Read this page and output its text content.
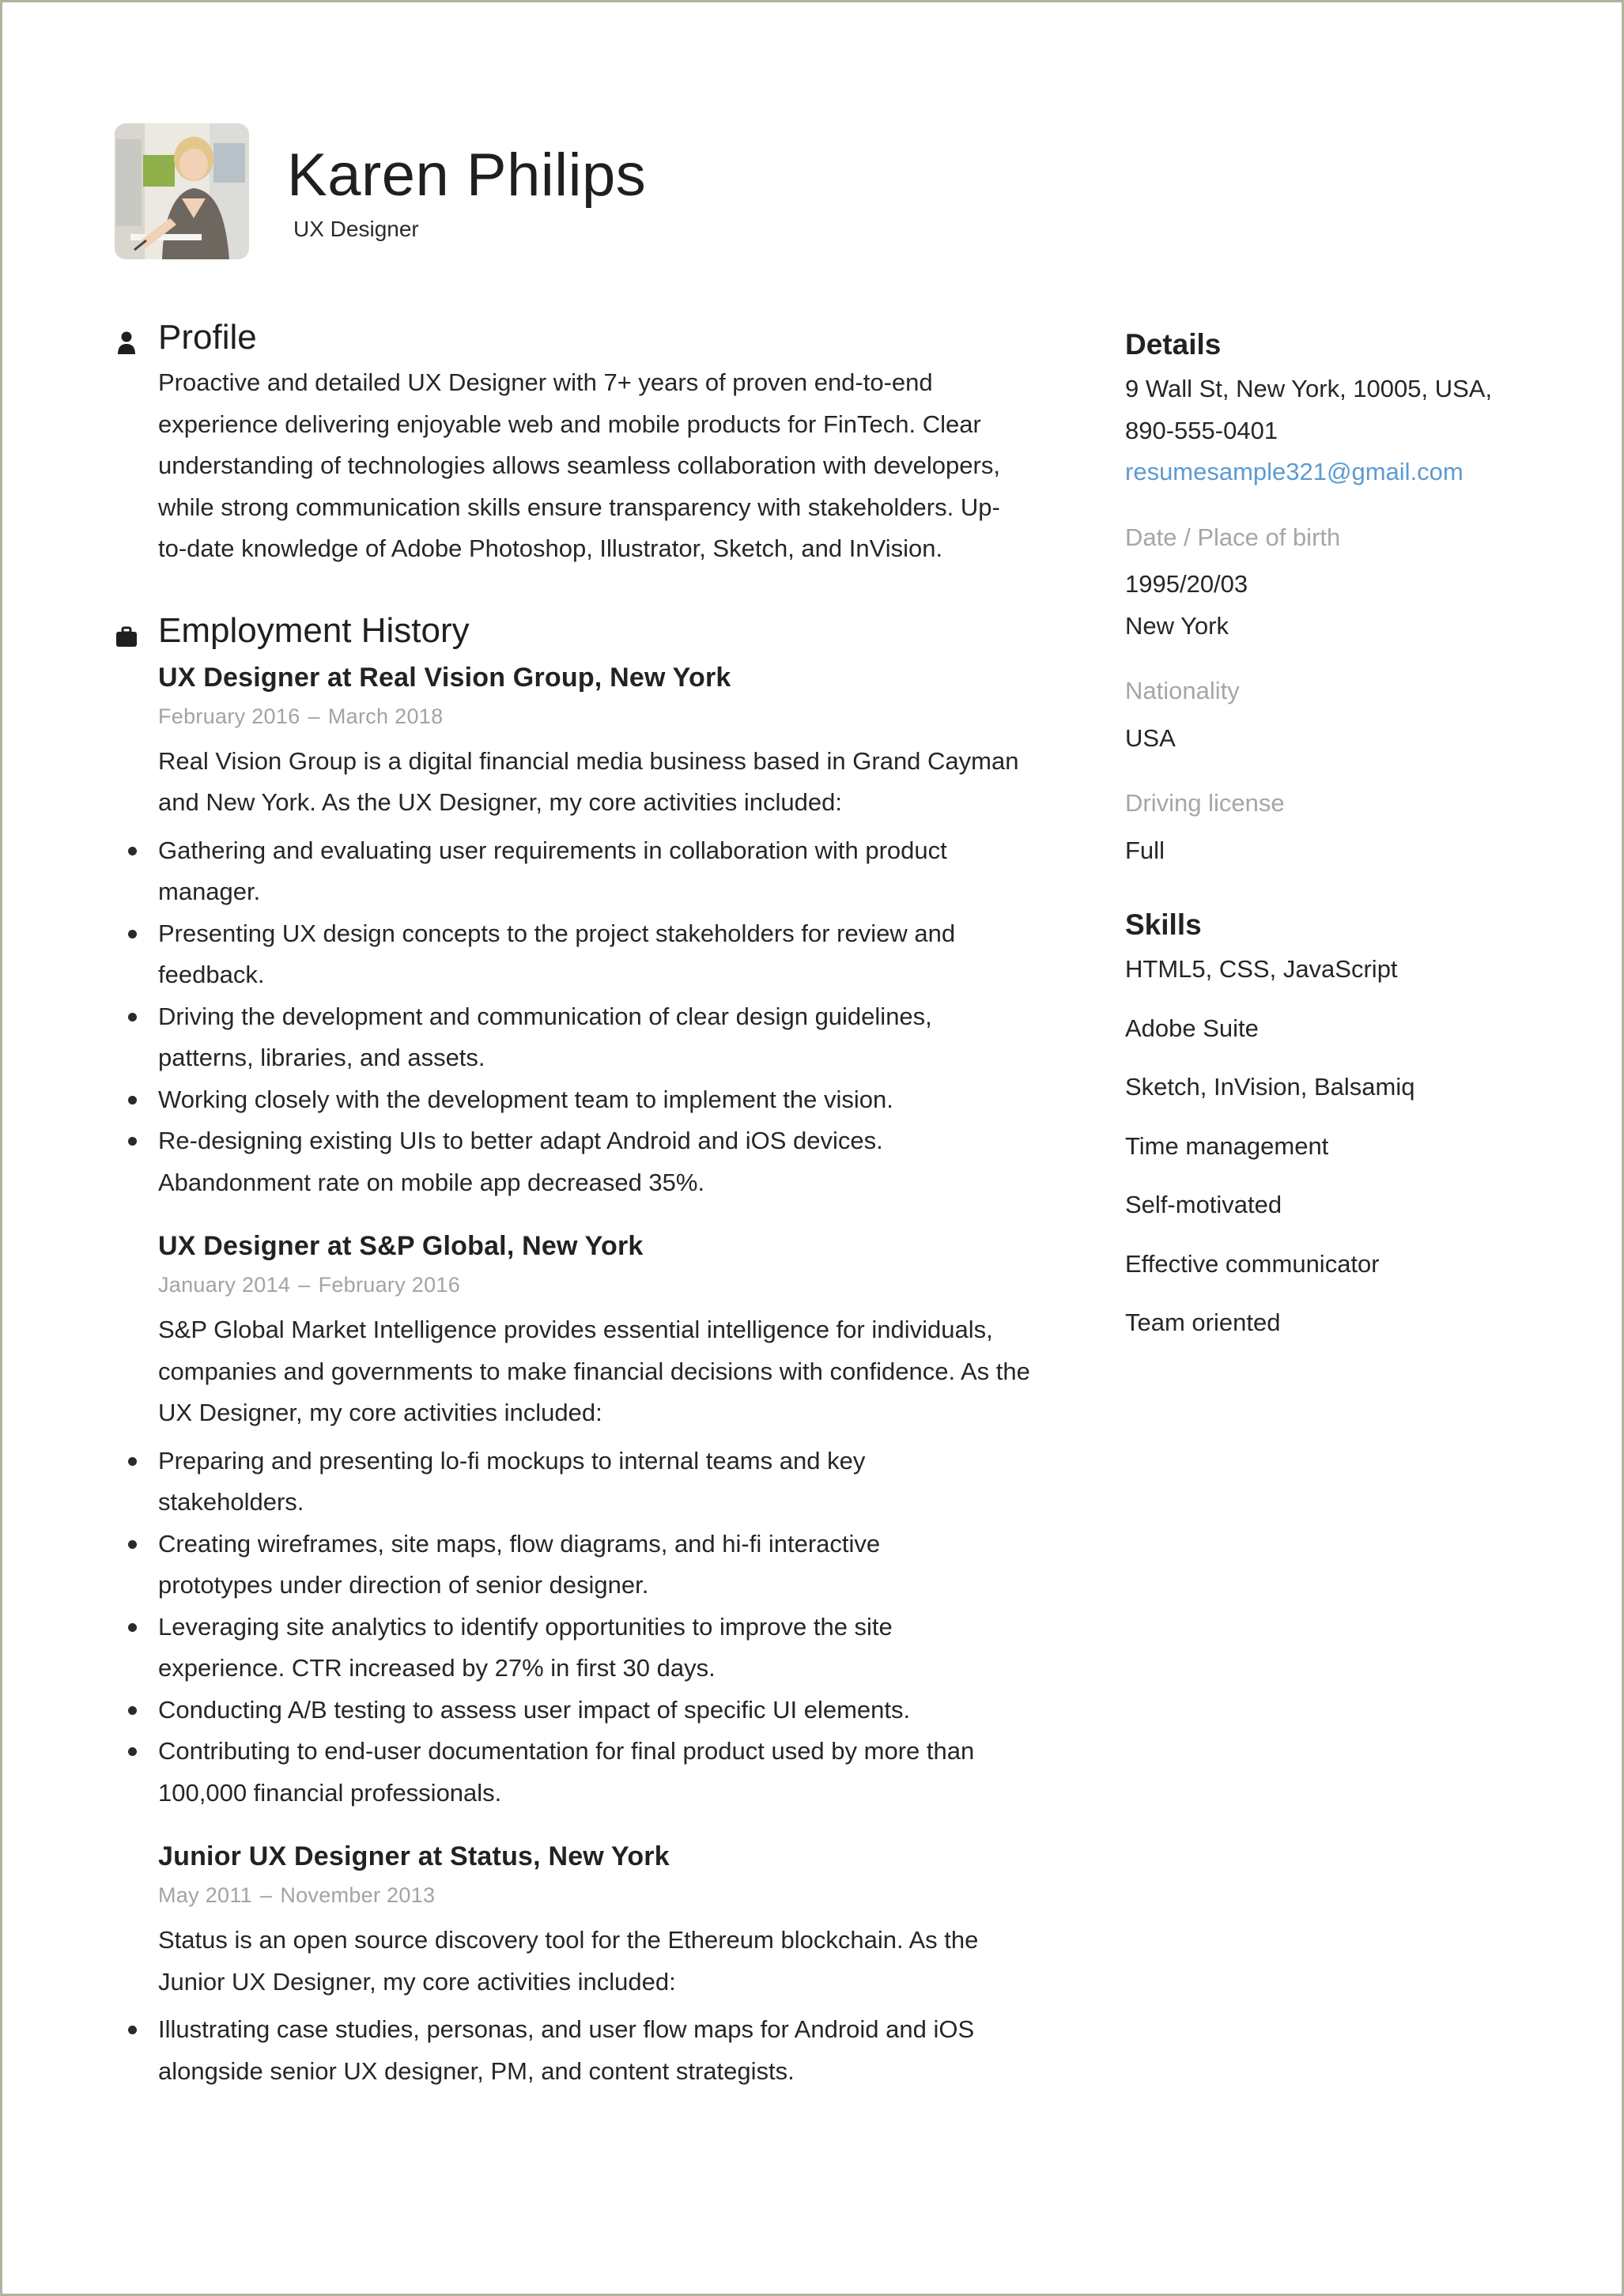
Karen Philips
UX Designer
Profile
Proactive and detailed UX Designer with 7+ years of proven end-to-end
experience delivering enjoyable web and mobile products for FinTech. Clear
understanding of technologies allows seamless collaboration with developers,
while strong communication skills ensure transparency with stakeholders. Up-
to-date knowledge of Adobe Photoshop, Illustrator, Sketch, and InVision.
Employment History
UX Designer at Real Vision Group, New York
February 2016 – March 2018
Real Vision Group is a digital financial media business based in Grand Cayman
and New York. As the UX Designer, my core activities included:
Gathering and evaluating user requirements in collaboration with product
manager.
Presenting UX design concepts to the project stakeholders for review and
feedback.
Driving the development and communication of clear design guidelines,
patterns, libraries, and assets.
Working closely with the development team to implement the vision.
Re-designing existing UIs to better adapt Android and iOS devices.
Abandonment rate on mobile app decreased 35%.
UX Designer at S&P Global, New York
January 2014 – February 2016
S&P Global Market Intelligence provides essential intelligence for individuals,
companies and governments to make financial decisions with confidence. As the
UX Designer, my core activities included:
Preparing and presenting lo-fi mockups to internal teams and key
stakeholders.
Creating wireframes, site maps, flow diagrams, and hi-fi interactive
prototypes under direction of senior designer.
Leveraging site analytics to identify opportunities to improve the site
experience. CTR increased by 27% in first 30 days.
Conducting A/B testing to assess user impact of specific UI elements.
Contributing to end-user documentation for final product used by more than
100,000 financial professionals.
Junior UX Designer at Status, New York
May 2011 – November 2013
Status is an open source discovery tool for the Ethereum blockchain. As the
Junior UX Designer, my core activities included:
Illustrating case studies, personas, and user flow maps for Android and iOS
alongside senior UX designer, PM, and content strategists.
Details
9 Wall St, New York, 10005, USA,
890-555-0401
resumesample321@gmail.com
Date / Place of birth
1995/20/03
New York
Nationality
USA
Driving license
Full
Skills
HTML5, CSS, JavaScript
Adobe Suite
Sketch, InVision, Balsamiq
Time management
Self-motivated
Effective communicator
Team oriented
